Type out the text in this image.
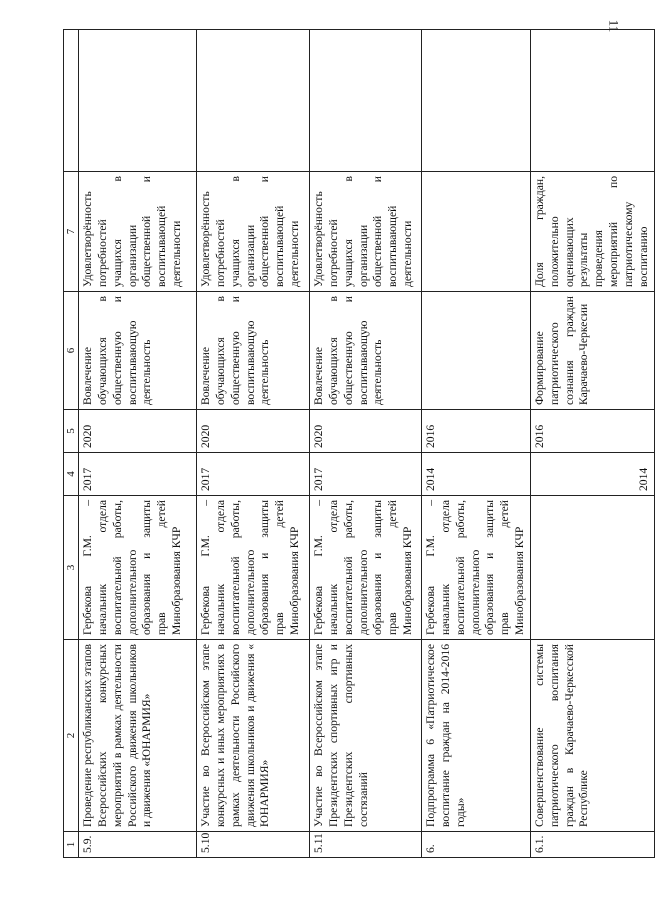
11
1	2	3	4	5	6	7	
5.9.	Проведение республиканских этапов Всероссийских конкурсных мероприятий в рамках деятельности Российского движения школьников и движения «ЮНАРМИЯ»	Гербекова Г.М. – начальник отдела воспитательной работы, дополнительного образования и защиты прав детей Минобразования КЧР	2017	2020	Вовлечение обучающихся в общественную и воспитывающую деятельность	Удовлетворённость потребностей учащихся в организации общественной и воспитывающей деятельности	
5.10	Участие во Всероссийском этапе конкурсных и иных мероприятиях в рамках деятельности Российского движения школьников и движения « ЮНАРМИЯ»	Гербекова Г.М. – начальник отдела воспитательной работы, дополнительного образования и защиты прав детей Минобразования КЧР	2017	2020	Вовлечение обучающихся в общественную и воспитывающую деятельность	Удовлетворённость потребностей учащихся в организации общественной и воспитывающей деятельности	
5.11	Участие во Всероссийском этапе Президентских спортивных игр и Президентских спортивных состязаний	Гербекова Г.М. – начальник отдела воспитательной работы, дополнительного образования и защиты прав детей Минобразования КЧР	2017	2020	Вовлечение обучающихся в общественную и воспитывающую деятельность	Удовлетворённость потребностей учащихся в организации общественной и воспитывающей деятельности	
6.	Подпрограмма 6 «Патриотическое воспитание граждан на 2014-2016 годы»	Гербекова Г.М. – начальник отдела воспитательной работы, дополнительного образования и защиты прав детей Минобразования КЧР	2014	2016			
6.1.	Совершенствование системы патриотического воспитания граждан в Карачаево-Черкесской Республике		2014	2016	Формирование патриотического сознания граждан Карачаево-Черкесии	Доля граждан, положительно оценивающих результаты проведения мероприятий по патриотическому воспитанию	
